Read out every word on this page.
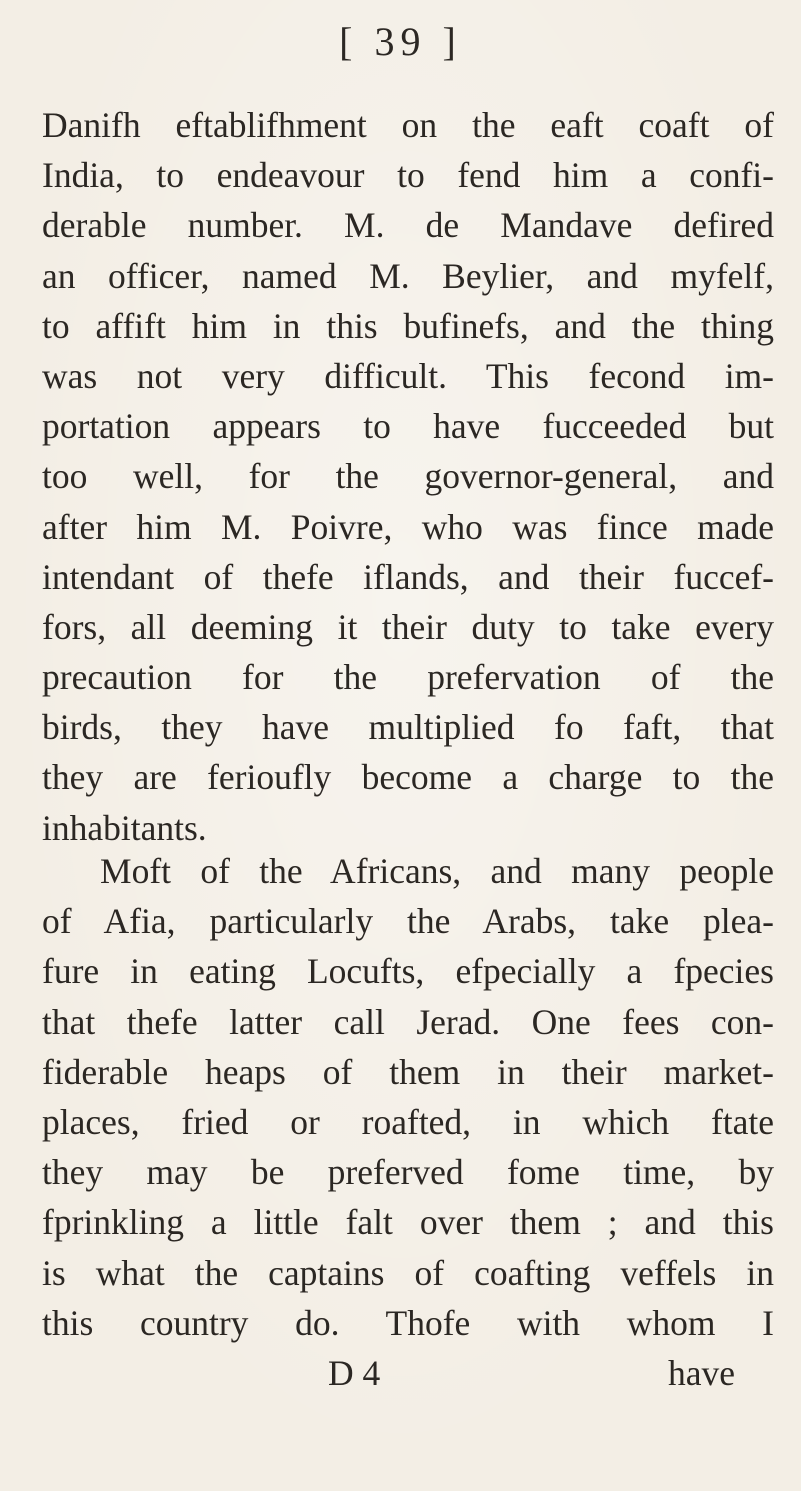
[ 39 ]
Danifh eftablifhment on the eaft coaft of
India, to endeavour to fend him a confi-
derable number. M. de Mandave defired
an officer, named M. Beylier, and myfelf,
to affift him in this bufinefs, and the thing
was not very difficult. This fecond im-
portation appears to have fucceeded but
too well, for the governor-general, and
after him M. Poivre, who was fince made
intendant of thefe iflands, and their fuccef-
fors, all deeming it their duty to take every
precaution for the prefervation of the
birds, they have multiplied fo faft, that
they are ferioufly become a charge to the
inhabitants.
Moft of the Africans, and many people
of Afia, particularly the Arabs, take plea-
fure in eating Locufts, efpecially a fpecies
that thefe latter call Jerad. One fees con-
fiderable heaps of them in their market-
places, fried or roafted, in which ftate
they may be preferved fome time, by
fprinkling a little falt over them ; and this
is what the captains of coafting veffels in
this country do. Thofe with whom I
D 4	have
